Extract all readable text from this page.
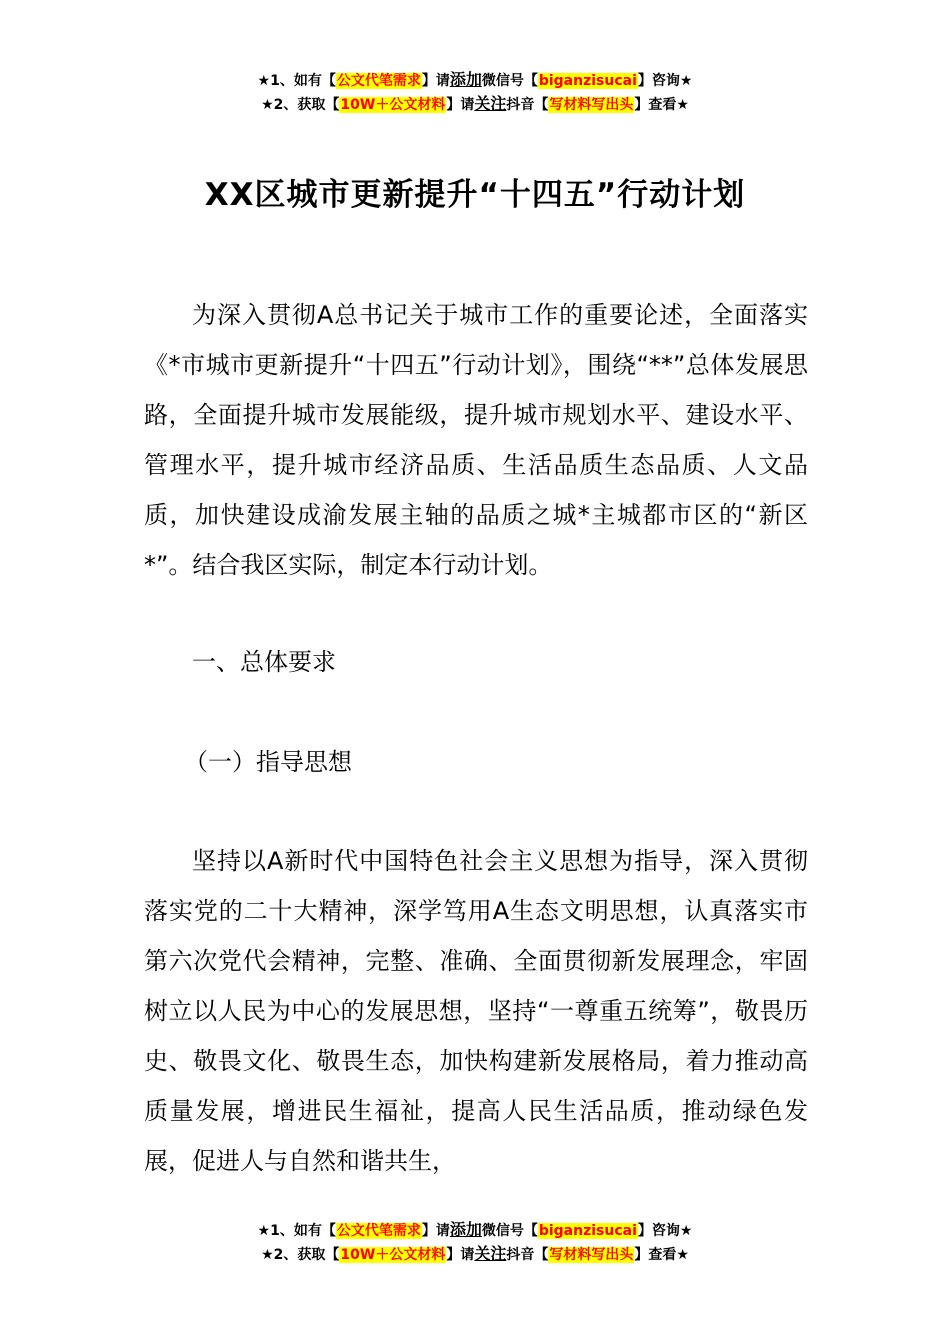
★1、如有【公文代笔需求】请添加微信号【biganzisucai】咨询★
★2、获取【10W＋公文材料】请关注抖音【写材料写出头】查看★
XX区城市更新提升“十四五”行动计划

为深入贯彻A总书记关于城市工作的重要论述，全面落实《*市城市更新提升“十四五”行动计划》，围绕“**”总体发展思路，全面提升城市发展能级，提升城市规划水平、建设水平、管理水平，提升城市经济品质、生活品质生态品质、人文品质，加快建设成渝发展主轴的品质之城*主城都市区的“新区*”。结合我区实际，制定本行动计划。

一、总体要求

（一）指导思想

坚持以A新时代中国特色社会主义思想为指导，深入贯彻落实党的二十大精神，深学笃用A生态文明思想，认真落实市第六次党代会精神，完整、准确、全面贯彻新发展理念，牢固树立以人民为中心的发展思想，坚持“一尊重五统筹”，敬畏历史、敬畏文化、敬畏生态，加快构建新发展格局，着力推动高质量发展，增进民生福祉，提高人民生活品质，推动绿色发展，促进人与自然和谐共生，

★1、如有【公文代笔需求】请添加微信号【biganzisucai】咨询★
★2、获取【10W＋公文材料】请关注抖音【写材料写出头】查看★
